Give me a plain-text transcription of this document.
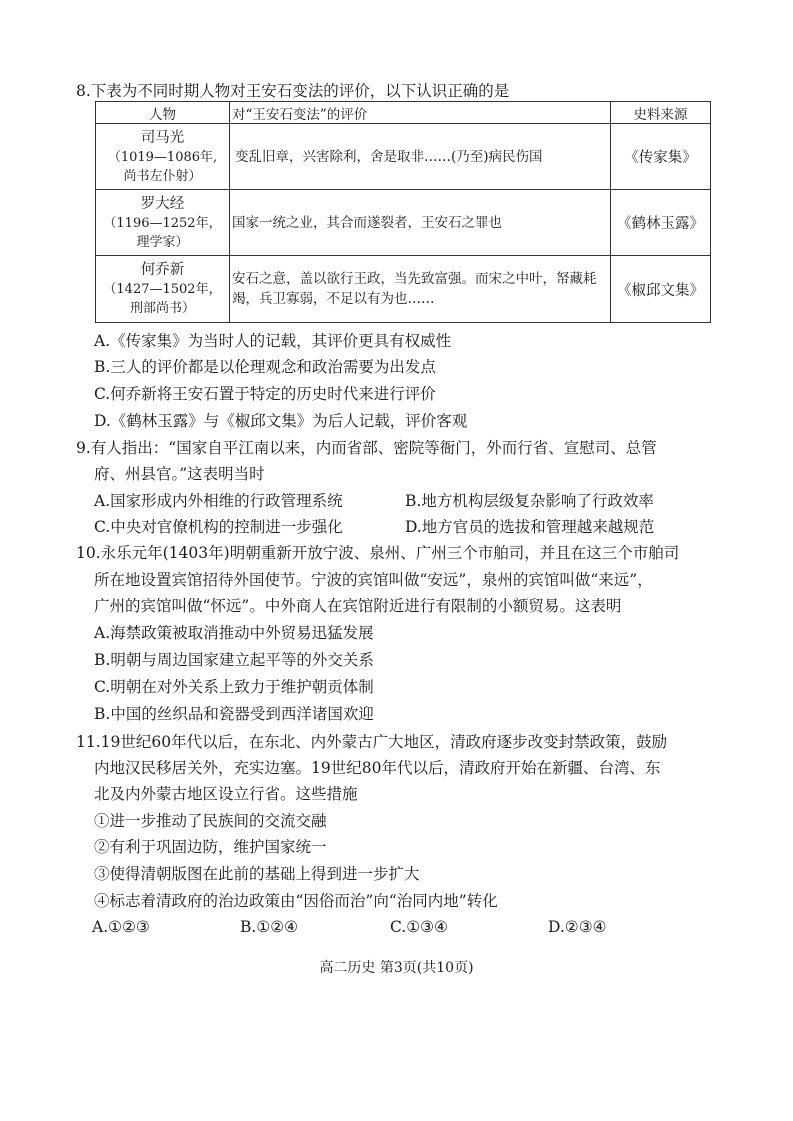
8.下表为不同时期人物对王安石变法的评价，以下认识正确的是
人物	对“王安石变法”的评价	史料来源

司马光
（1019—1086年,
尚书左仆射）	变乱旧章，兴害除利，舍是取非……(乃至)病民伤国	《传家集》

罗大经
（1196—1252年，
理学家）	国家一统之业，其合而遂裂者，王安石之罪也	《鹤林玉露》

何乔新
（1427—1502年，
刑部尚书）	安石之意，盖以欲行王政，当先致富强。而宋之中叶，帑藏耗竭，兵卫寡弱，不足以有为也……	《椒邱文集》
A.《传家集》为当时人的记载，其评价更具有权威性
B.三人的评价都是以伦理观念和政治需要为出发点
C.何乔新将王安石置于特定的历史时代来进行评价
D.《鹤林玉露》与《椒邱文集》为后人记载，评价客观
9.有人指出：“国家自平江南以来，内而省部、密院等衙门，外而行省、宣慰司、总管
府、州县官。”这表明当时
A.国家形成内外相维的行政管理系统	B.地方机构层级复杂影响了行政效率
C.中央对官僚机构的控制进一步强化	D.地方官员的选拔和管理越来越规范
10.永乐元年(1403年)明朝重新开放宁波、泉州、广州三个市舶司，并且在这三个市舶司
所在地设置宾馆招待外国使节。宁波的宾馆叫做“安远”，泉州的宾馆叫做“来远”，
广州的宾馆叫做“怀远”。中外商人在宾馆附近进行有限制的小额贸易。这表明
A.海禁政策被取消推动中外贸易迅猛发展
B.明朝与周边国家建立起平等的外交关系
C.明朝在对外关系上致力于维护朝贡体制
B.中国的丝织品和瓷器受到西洋诸国欢迎
11.19世纪60年代以后，在东北、内外蒙古广大地区，清政府逐步改变封禁政策，鼓励
内地汉民移居关外，充实边塞。19世纪80年代以后，清政府开始在新疆、台湾、东
北及内外蒙古地区设立行省。这些措施
①进一步推动了民族间的交流交融
②有利于巩固边防，维护国家统一
③使得清朝版图在此前的基础上得到进一步扩大
④标志着清政府的治边政策由“因俗而治”向“治同内地”转化
A.①②③	B.①②④	C.①③④	D.②③④
高二历史 第3页(共10页)
